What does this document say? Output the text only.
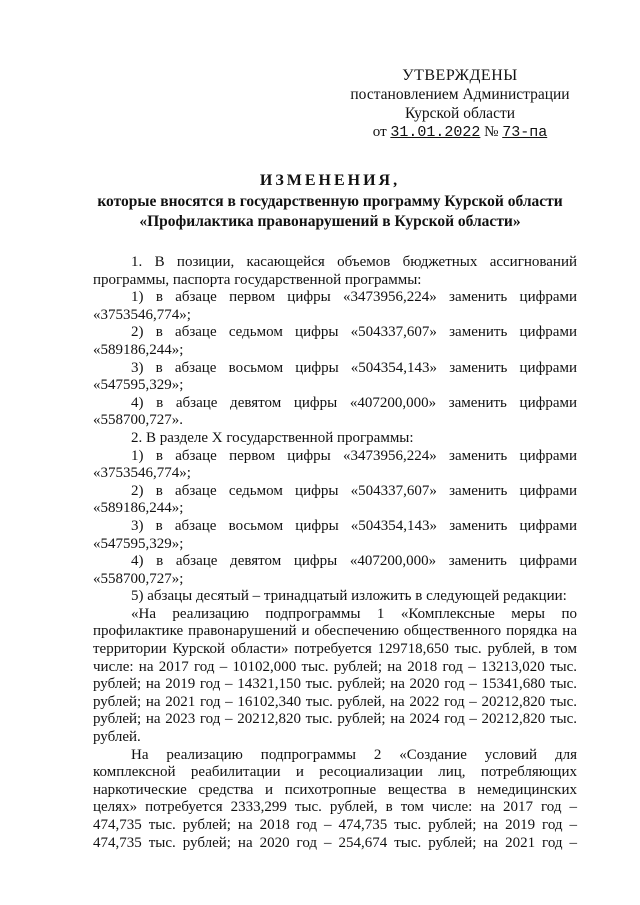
УТВЕРЖДЕНЫ
постановлением Администрации
Курской области
от 31.01.2022 № 73-па
ИЗМЕНЕНИЯ,
которые вносятся в государственную программу Курской области
«Профилактика правонарушений в Курской области»

1. В позиции, касающейся объемов бюджетных ассигнований программы, паспорта государственной программы:

1) в абзаце первом цифры «3473956,224» заменить цифрами «3753546,774»;

2) в абзаце седьмом цифры «504337,607» заменить цифрами «589186,244»;

3) в абзаце восьмом цифры «504354,143» заменить цифрами «547595,329»;

4) в абзаце девятом цифры «407200,000» заменить цифрами «558700,727».

2. В разделе Х государственной программы:

1) в абзаце первом цифры «3473956,224» заменить цифрами «3753546,774»;

2) в абзаце седьмом цифры «504337,607» заменить цифрами «589186,244»;

3) в абзаце восьмом цифры «504354,143» заменить цифрами «547595,329»;

4) в абзаце девятом цифры «407200,000» заменить цифрами «558700,727»;

5) абзацы десятый – тринадцатый изложить в следующей редакции:

«На реализацию подпрограммы 1 «Комплексные меры по профилактике правонарушений и обеспечению общественного порядка на территории Курской области» потребуется 129718,650 тыс. рублей, в том числе: на 2017 год – 10102,000 тыс. рублей; на 2018 год – 13213,020 тыс. рублей; на 2019 год – 14321,150 тыс. рублей; на 2020 год – 15341,680 тыс. рублей; на 2021 год – 16102,340 тыс. рублей, на 2022 год – 20212,820 тыс. рублей; на 2023 год – 20212,820 тыс. рублей; на 2024 год – 20212,820 тыс. рублей.

На реализацию подпрограммы 2 «Создание условий для комплексной реабилитации и ресоциализации лиц, потребляющих наркотические средства и психотропные вещества в немедицинских целях» потребуется 2333,299 тыс. рублей, в том числе: на 2017 год – 474,735 тыс. рублей; на 2018 год – 474,735 тыс. рублей; на 2019 год – 474,735 тыс. рублей; на 2020 год – 254,674 тыс. рублей; на 2021 год –
